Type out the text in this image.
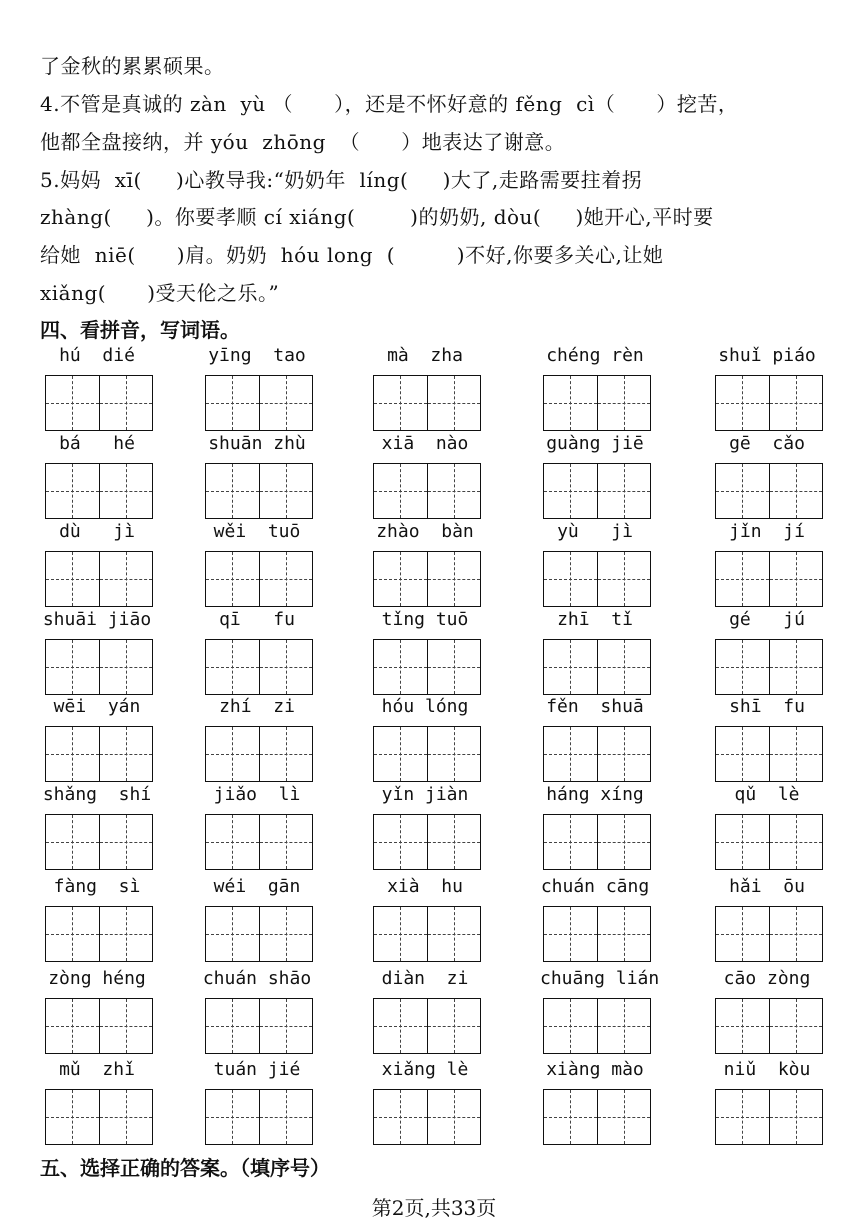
了金秋的累累硕果。
4.不管是真诚的 zàn  yù （      ），还是不怀好意的 fěng  cì（      ）挖苦，
他都全盘接纳，并 yóu  zhōng  （      ）地表达了谢意。
5.妈妈  xī(     )心教导我:“奶奶年  líng(     )大了,走路需要拄着拐
zhàng(     )。你要孝顺 cí xiáng(        )的奶奶, dòu(     )她开心,平时要
给她  niē(      )肩。奶奶  hóu long  (         )不好,你要多关心,让她
xiǎng(      )受天伦之乐。”
四、看拼音，写词语。
hú  dié	yīng  tao	mà  zha	chéng rèn	shuǐ piáo
bá   hé	shuān zhù	xiā  nào	guàng jiē	gē  cǎo
dù   jì	wěi  tuō	zhào  bàn	yù   jì	jǐn  jí
shuāi jiāo	qī   fu	tǐng tuō	zhī  tǐ	gé   jú
wēi  yán	zhí  zi	hóu lóng	fěn  shuā	shī  fu
shǎng  shí	jiǎo  lì	yǐn jiàn	háng xíng	qǔ  lè
fàng  sì	wéi  gān	xià  hu	chuán cāng	hǎi  ōu
zòng héng	chuán shāo	diàn  zi	chuāng lián	cāo zòng
mǔ  zhǐ	tuán jié	xiǎng lè	xiàng mào	niǔ  kòu
五、选择正确的答案。（填序号）
第2页,共33页
